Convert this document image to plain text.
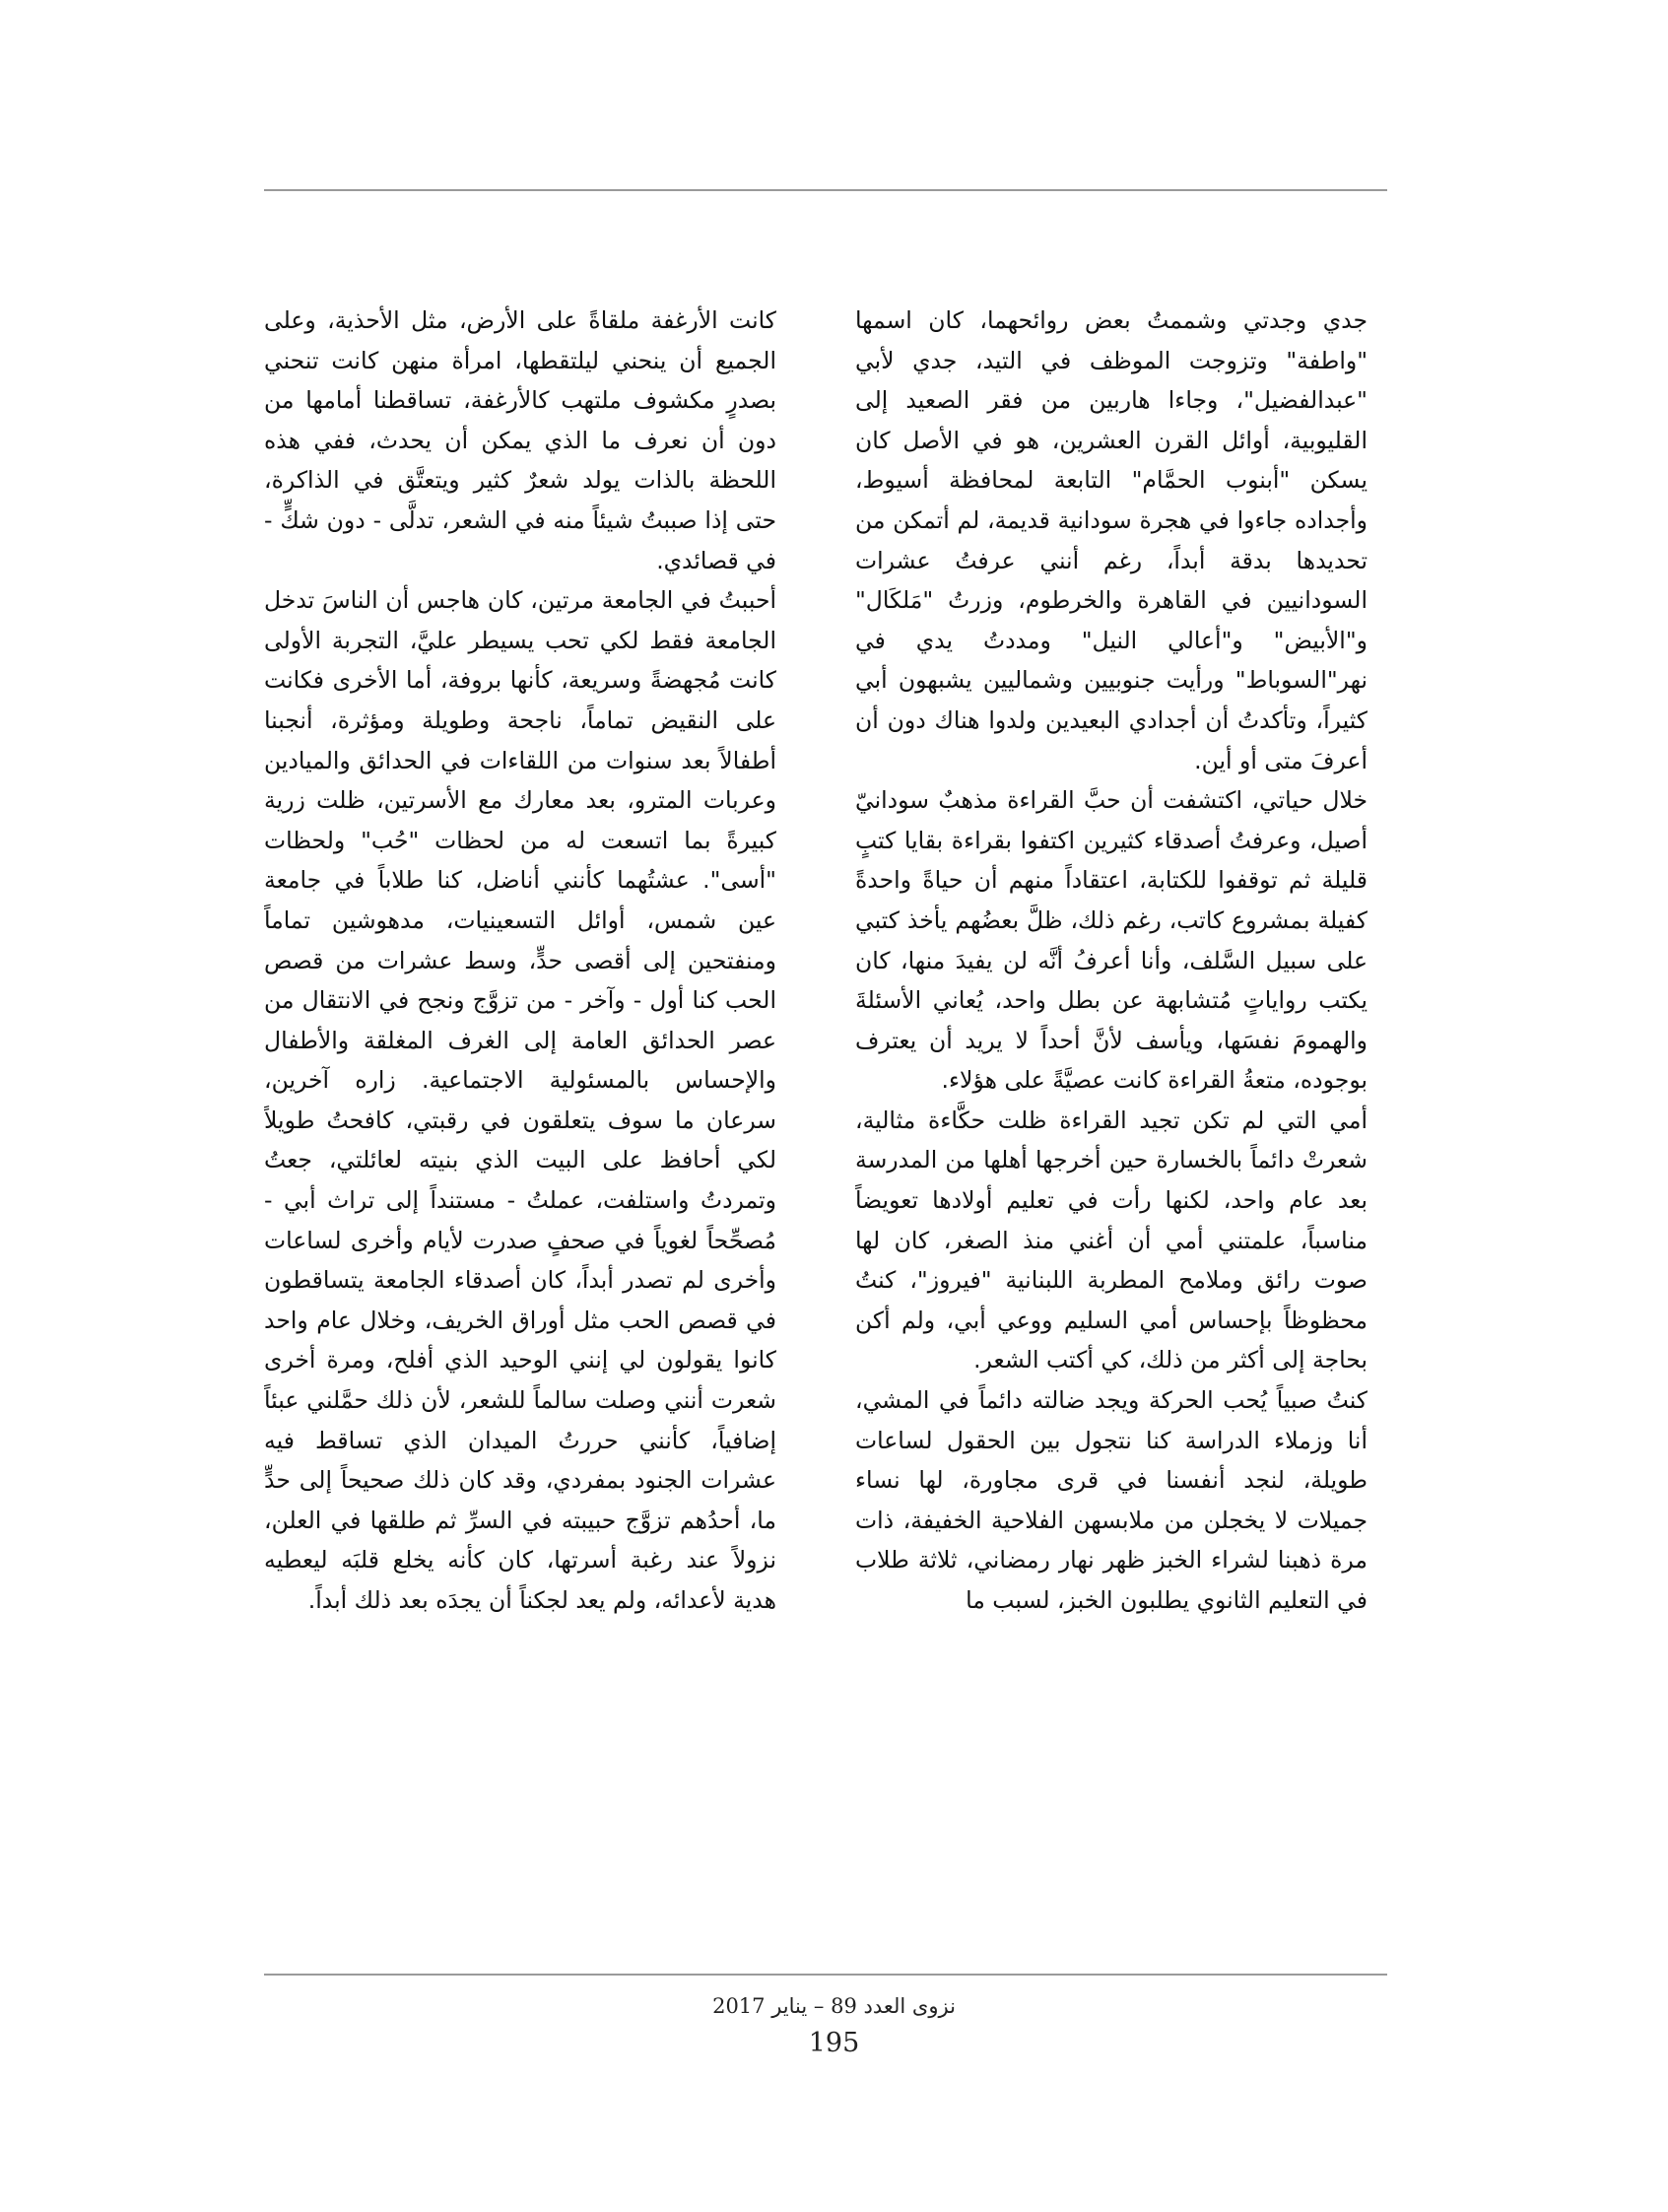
جدي وجدتي وشممتُ بعض روائحهما، كان اسمها "واطفة" وتزوجت الموظف في التيد، جدي لأبي "عبدالفضيل"، وجاءا هاربين من فقر الصعيد إلى القليوبية، أوائل القرن العشرين، هو في الأصل كان يسكن "أبنوب الحمَّام" التابعة لمحافظة أسيوط، وأجداده جاءوا في هجرة سودانية قديمة، لم أتمكن من تحديدها بدقة أبداً، رغم أنني عرفتُ عشرات السودانيين في القاهرة والخرطوم، وزرتُ "مَلكَال" و"الأبيض" و"أعالي النيل" ومددتُ يدي في نهر"السوباط" ورأيت جنوبيين وشماليين يشبهون أبي كثيراً، وتأكدتُ أن أجدادي البعيدين ولدوا هناك دون أن أعرفَ متى أو أين.

خلال حياتي، اكتشفت أن حبَّ القراءة مذهبٌ سودانيّ أصيل، وعرفتُ أصدقاء كثيرين اكتفوا بقراءة بقايا كتبٍ قليلة ثم توقفوا للكتابة، اعتقاداً منهم أن حياةً واحدةً كفيلة بمشروع كاتب، رغم ذلك، ظلَّ بعضُهم يأخذ كتبي على سبيل السَّلف، وأنا أعرفُ أنَّه لن يفيدَ منها، كان يكتب رواياتٍ مُتشابهة عن بطل واحد، يُعاني الأسئلةَ والهمومَ نفسَها، ويأسف لأنَّ أحداً لا يريد أن يعترف بوجوده، متعةُ القراءة كانت عصيَّةً على هؤلاء.

أمي التي لم تكن تجيد القراءة ظلت حكَّاءة مثالية، شعرتْ دائماً بالخسارة حين أخرجها أهلها من المدرسة بعد عام واحد، لكنها رأت في تعليم أولادها تعويضاً مناسباً، علمتني أمي أن أغني منذ الصغر، كان لها صوت رائق وملامح المطربة اللبنانية "فيروز"، كنتُ محظوظاً بإحساس أمي السليم ووعي أبي، ولم أكن بحاجة إلى أكثر من ذلك، كي أكتب الشعر.

كنتُ صبياً يُحب الحركة ويجد ضالته دائماً في المشي، أنا وزملاء الدراسة كنا نتجول بين الحقول لساعات طويلة، لنجد أنفسنا في قرى مجاورة، لها نساء جميلات لا يخجلن من ملابسهن الفلاحية الخفيفة، ذات مرة ذهبنا لشراء الخبز ظهر نهار رمضاني، ثلاثة طلاب في التعليم الثانوي يطلبون الخبز، لسبب ما

كانت الأرغفة ملقاةً على الأرض، مثل الأحذية، وعلى الجميع أن ينحني ليلتقطها، امرأة منهن كانت تنحني بصدرٍ مكشوف ملتهب كالأرغفة، تساقطنا أمامها من دون أن نعرف ما الذي يمكن أن يحدث، ففي هذه اللحظة بالذات يولد شعرٌ كثير ويتعتَّق في الذاكرة، حتى إذا صببتُ شيئاً منه في الشعر، تدلَّى - دون شكٍّ - في قصائدي.

أحببتُ في الجامعة مرتين، كان هاجس أن الناسَ تدخل الجامعة فقط لكي تحب يسيطر عليَّ، التجربة الأولى كانت مُجهضةً وسريعة، كأنها بروفة، أما الأخرى فكانت على النقيض تماماً، ناجحة وطويلة ومؤثرة، أنجبنا أطفالاً بعد سنوات من اللقاءات في الحدائق والميادين وعربات المترو، بعد معارك مع الأسرتين، ظلت زرية كبيرةً بما اتسعت له من لحظات "حُب" ولحظات "أسى". عشتُهما كأنني أناضل، كنا طلاباً في جامعة عين شمس، أوائل التسعينيات، مدهوشين تماماً ومنفتحين إلى أقصى حدٍّ، وسط عشرات من قصص الحب كنا أول - وآخر - من تزوَّج ونجح في الانتقال من عصر الحدائق العامة إلى الغرف المغلقة والأطفال والإحساس بالمسئولية الاجتماعية. زاره آخرين، سرعان ما سوف يتعلقون في رقبتي، كافحتُ طويلاً لكي أحافظ على البيت الذي بنيته لعائلتي، جعتُ وتمردتُ واستلفت، عملتُ - مستنداً إلى تراث أبي - مُصحِّحاً لغوياً في صحفٍ صدرت لأيام وأخرى لساعات وأخرى لم تصدر أبداً، كان أصدقاء الجامعة يتساقطون في قصص الحب مثل أوراق الخريف، وخلال عام واحد كانوا يقولون لي إنني الوحيد الذي أفلح، ومرة أخرى شعرت أنني وصلت سالماً للشعر، لأن ذلك حمَّلني عبئاً إضافياً، كأنني حررتُ الميدان الذي تساقط فيه عشرات الجنود بمفردي، وقد كان ذلك صحيحاً إلى حدٍّ ما، أحدُهم تزوَّج حبيبته في السرِّ ثم طلقها في العلن، نزولاً عند رغبة أسرتها، كان كأنه يخلع قلبَه ليعطيه هدية لأعدائه، ولم يعد لجكناً أن يجدَه بعد ذلك أبداً.

نزوى العدد 89 – يناير 2017
195
